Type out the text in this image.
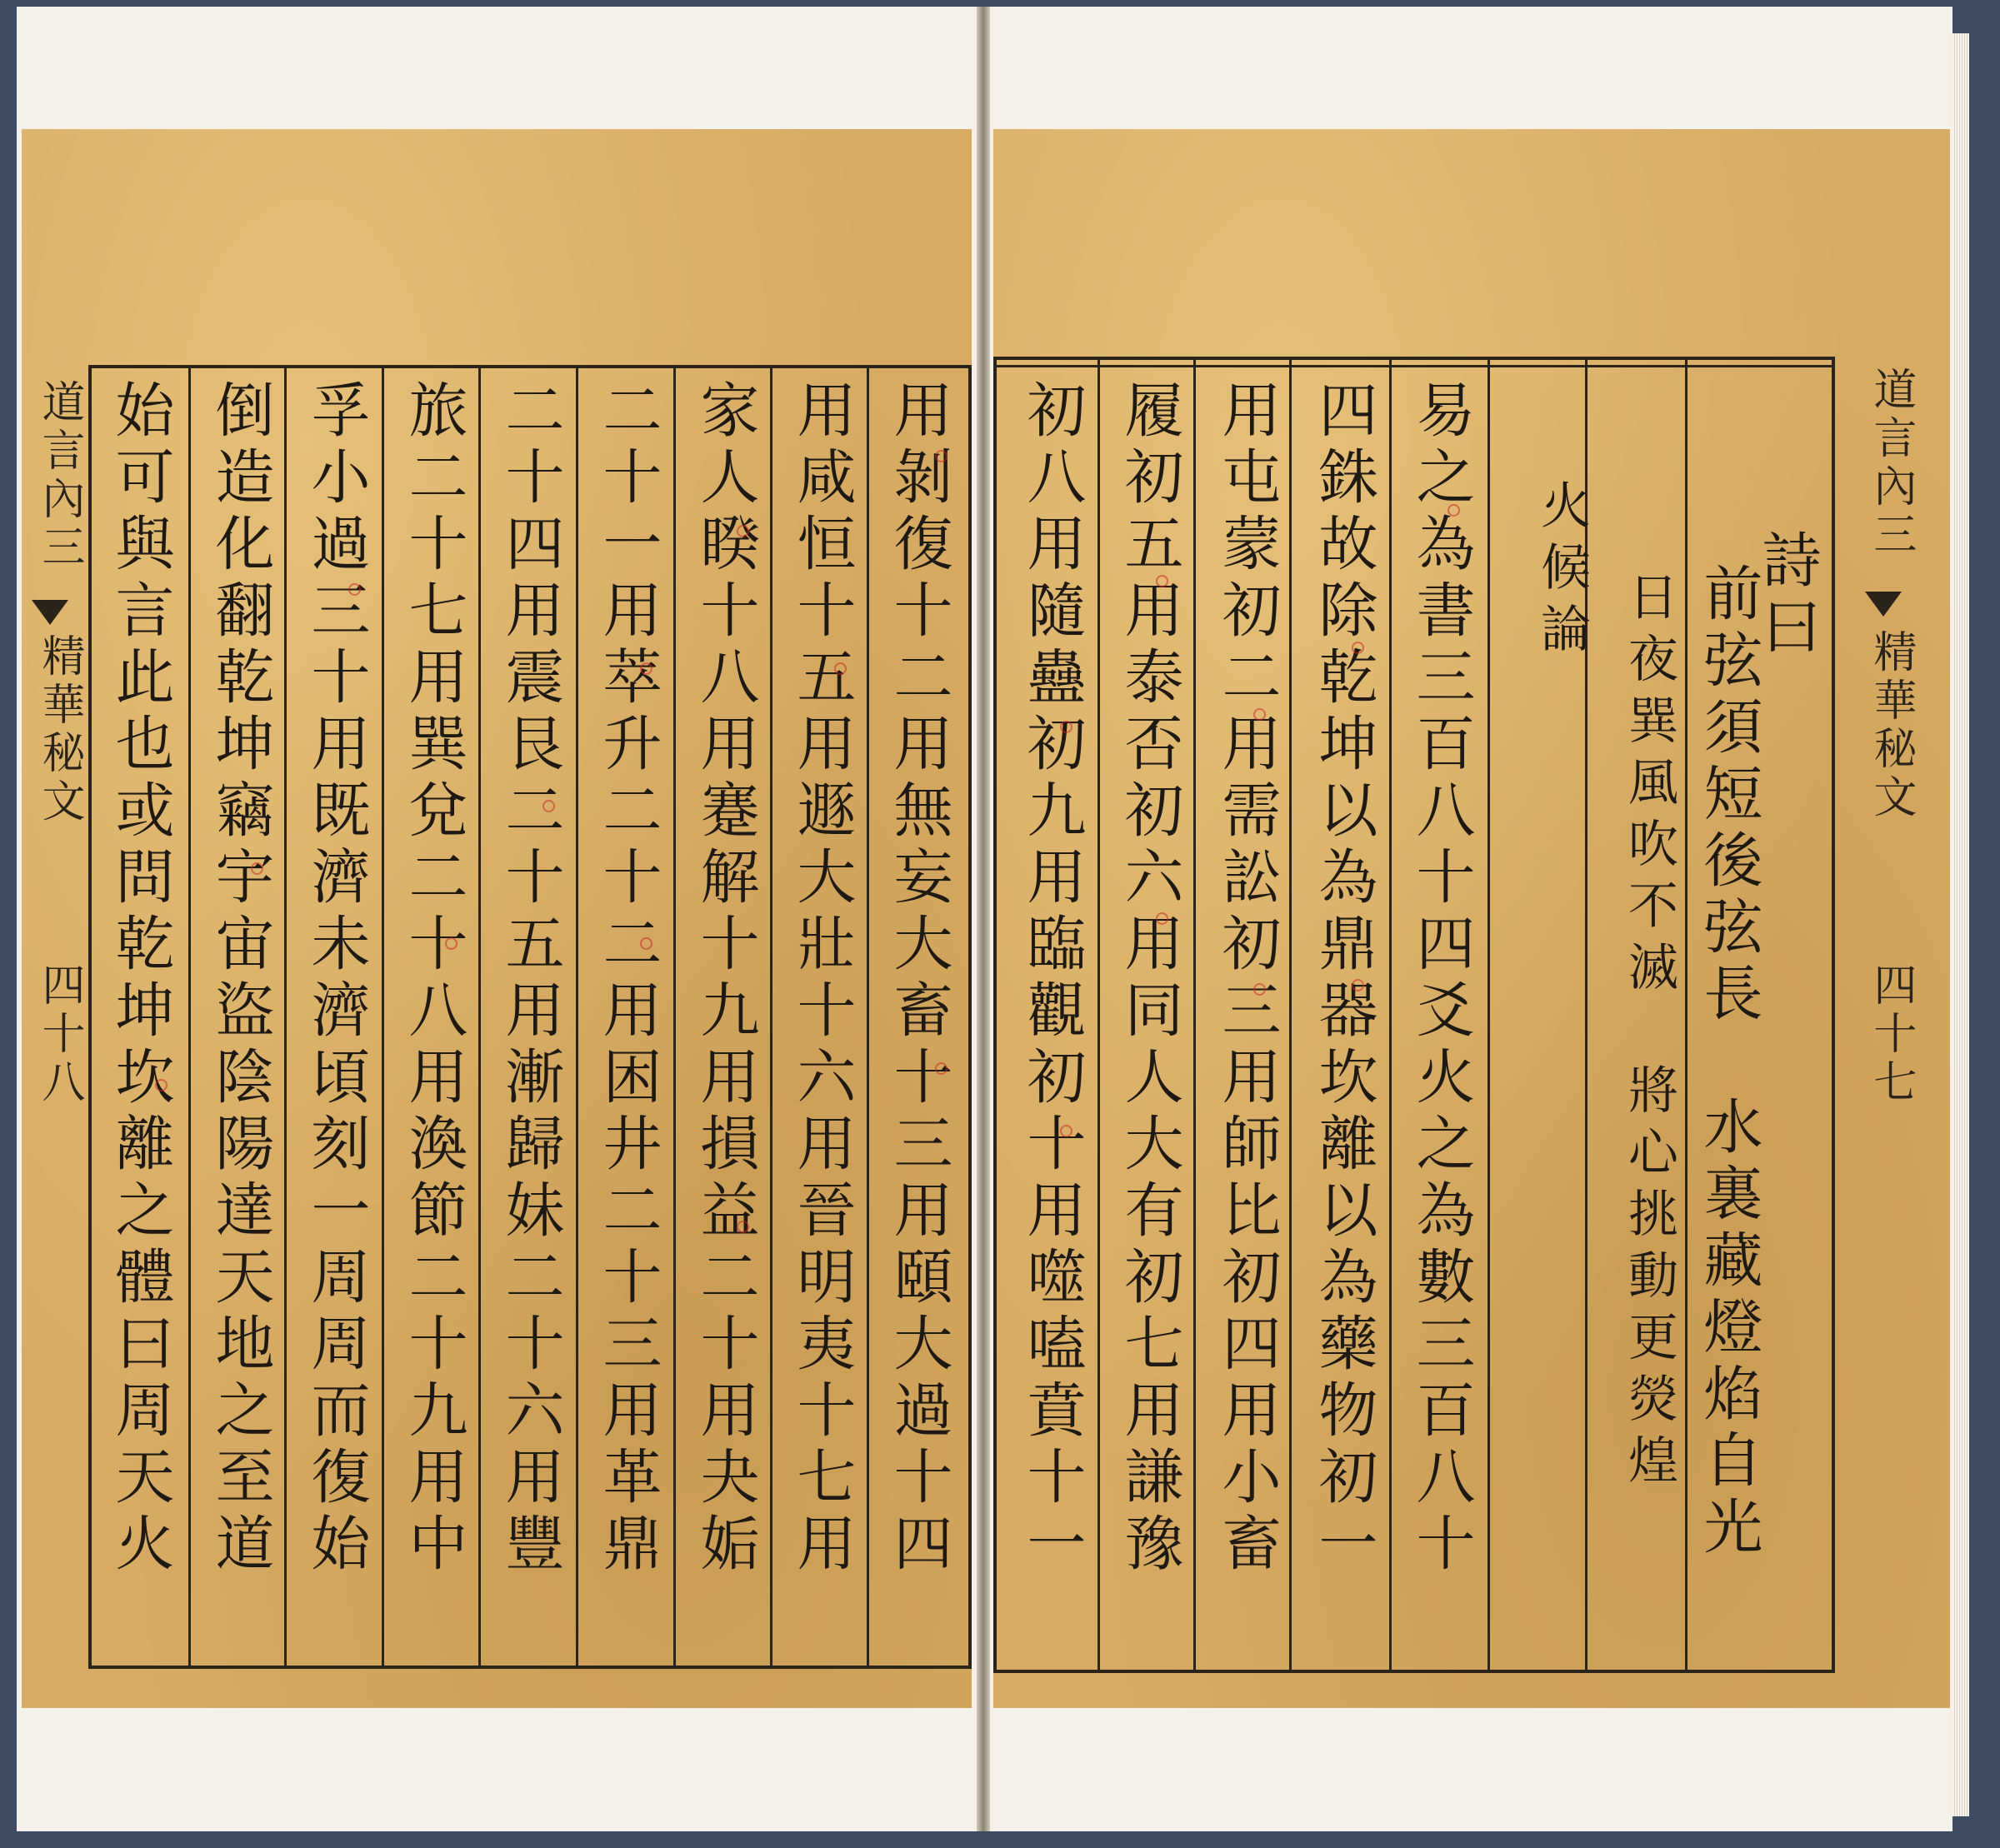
用剝復十二用無妄大畜十三用頤大過十四
用咸恒十五用遯大壯十六用晉明夷十七用
家人睽十八用蹇解十九用損益二十用夬姤
二十一用萃升二十二用困井二十三用革鼎
二十四用震艮二十五用漸歸妹二十六用豐
旅二十七用巽兌二十八用渙節二十九用中
孚小過三十用既濟未濟頃刻一周周而復始
倒造化翻乾坤竊宇宙盜陰陽達天地之至道
始可與言此也或問乾坤坎離之體曰周天火
道言內三
精華秘文
四十八
詩曰
前弦須短後弦長　水裏藏燈焰自光
日夜巽風吹不滅　將心挑動更熒煌
火候論
易之為書三百八十四爻火之為數三百八十
四銖故除乾坤以為鼎器坎離以為藥物初一
用屯蒙初二用需訟初三用師比初四用小畜
履初五用泰否初六用同人大有初七用謙豫
初八用隨蠱初九用臨觀初十用噬嗑賁十一	道言內三
精華秘文
四十七
